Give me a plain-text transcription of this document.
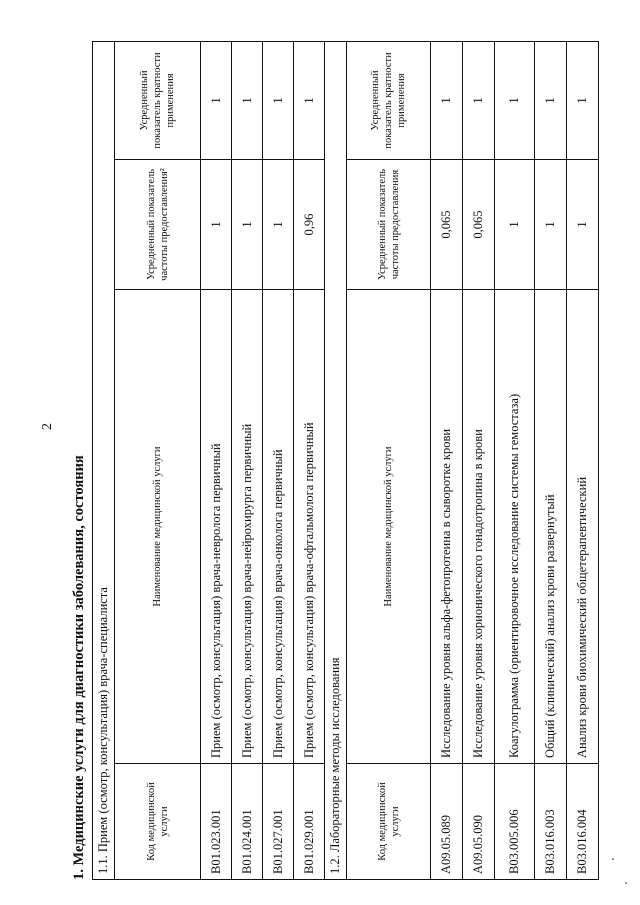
2
1. Медицинские услуги для диагностики заболевания, состояния 1.1. Прием (осмотр, консультация) врача-специалиста			
Код медицинской услуги	Наименование медицинской услуги	Усредненный показатель частоты предоставления²	Усредненный показатель кратности применения
B01.023.001	Прием (осмотр, консультация) врача-невролога первичный	1	1
B01.024.001	Прием (осмотр, консультация) врача-нейрохирурга первичный	1	1
B01.027.001	Прием (осмотр, консультация) врача-онколога первичный	1	1
B01.029.001	Прием (осмотр, консультация) врача-офтальмолога первичный	0,96	1
1.2. Лабораторные методы исследования			
Код медицинской услуги	Наименование медицинской услуги	Усредненный показатель частоты предоставления	Усредненный показатель кратности применения
A09.05.089	Исследование уровня альфа-фетопротеина в сыворотке крови	0,065	1
A09.05.090	Исследование уровня хорионического гонадотропина в крови	0,065	1
B03.005.006	Коагулограмма (ориентировочное исследование системы гемостаза)	1	1
B03.016.003	Общий (клинический) анализ крови развернутый	1	1
B03.016.004	Анализ крови биохимический общетерапевтический	1	1
